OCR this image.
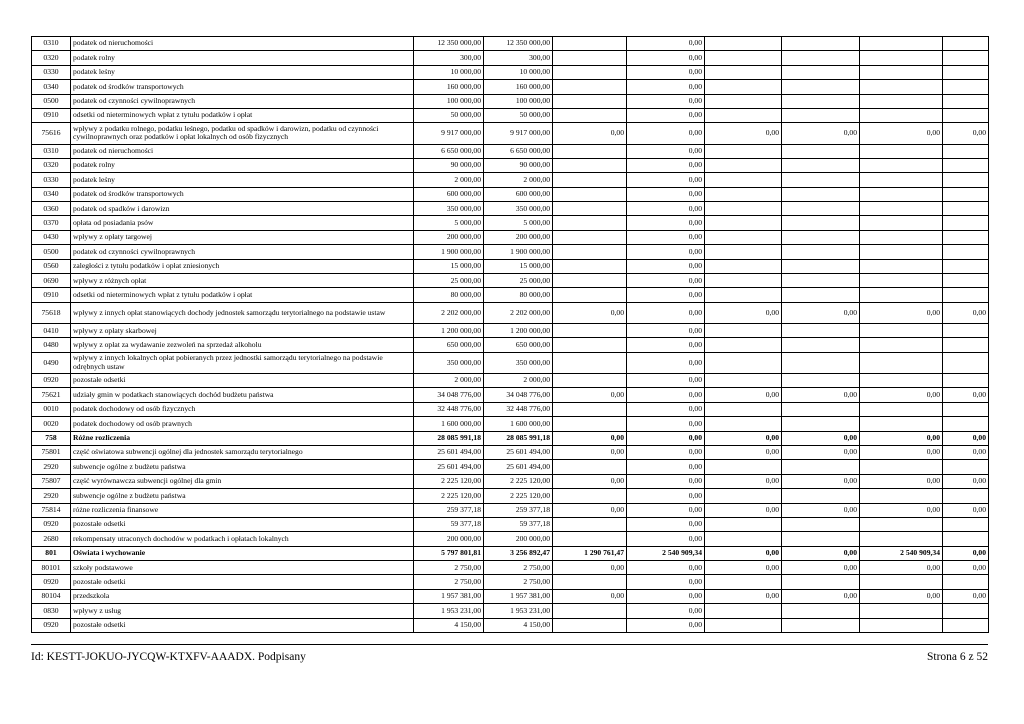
0310	podatek od nieruchomości	12 350 000,00	12 350 000,00		0,00				
0320	podatek rolny	300,00	300,00		0,00				
0330	podatek leśny	10 000,00	10 000,00		0,00				
0340	podatek od środków transportowych	160 000,00	160 000,00		0,00				
0500	podatek od czynności cywilnoprawnych	100 000,00	100 000,00		0,00				
0910	odsetki od nieterminowych wpłat z tytułu podatków i opłat	50 000,00	50 000,00		0,00				
75616	wpływy z podatku rolnego, podatku leśnego, podatku od spadków i darowizn, podatku od czynności cywilnoprawnych oraz podatków i opłat lokalnych od osób fizycznych	9 917 000,00	9 917 000,00	0,00	0,00	0,00	0,00	0,00	0,00
0310	podatek od nieruchomości	6 650 000,00	6 650 000,00		0,00				
0320	podatek rolny	90 000,00	90 000,00		0,00				
0330	podatek leśny	2 000,00	2 000,00		0,00				
0340	podatek od środków transportowych	600 000,00	600 000,00		0,00				
0360	podatek od spadków i darowizn	350 000,00	350 000,00		0,00				
0370	opłata od posiadania psów	5 000,00	5 000,00		0,00				
0430	wpływy z opłaty targowej	200 000,00	200 000,00		0,00				
0500	podatek od czynności cywilnoprawnych	1 900 000,00	1 900 000,00		0,00				
0560	zaległości z tytułu podatków i opłat zniesionych	15 000,00	15 000,00		0,00				
0690	wpływy z różnych opłat	25 000,00	25 000,00		0,00				
0910	odsetki od nieterminowych wpłat z tytułu podatków i opłat	80 000,00	80 000,00		0,00				
75618	wpływy z innych opłat stanowiących dochody jednostek samorządu terytorialnego na podstawie ustaw	2 202 000,00	2 202 000,00	0,00	0,00	0,00	0,00	0,00	0,00
0410	wpływy z opłaty skarbowej	1 200 000,00	1 200 000,00		0,00				
0480	wpływy z opłat za wydawanie zezwoleń na sprzedaż alkoholu	650 000,00	650 000,00		0,00				
0490	wpływy z innych lokalnych opłat pobieranych przez jednostki samorządu terytorialnego na podstawie odrębnych ustaw	350 000,00	350 000,00		0,00				
0920	pozostałe odsetki	2 000,00	2 000,00		0,00				
75621	udziały gmin w podatkach stanowiących dochód budżetu państwa	34 048 776,00	34 048 776,00	0,00	0,00	0,00	0,00	0,00	0,00
0010	podatek dochodowy od osób fizycznych	32 448 776,00	32 448 776,00		0,00				
0020	podatek dochodowy od osób prawnych	1 600 000,00	1 600 000,00		0,00				
758	Różne rozliczenia	28 085 991,18	28 085 991,18	0,00	0,00	0,00	0,00	0,00	0,00
75801	część oświatowa subwencji ogólnej dla jednostek samorządu terytorialnego	25 601 494,00	25 601 494,00	0,00	0,00	0,00	0,00	0,00	0,00
2920	subwencje ogólne z budżetu państwa	25 601 494,00	25 601 494,00		0,00				
75807	część wyrównawcza subwencji ogólnej dla gmin	2 225 120,00	2 225 120,00	0,00	0,00	0,00	0,00	0,00	0,00
2920	subwencje ogólne z budżetu państwa	2 225 120,00	2 225 120,00		0,00				
75814	różne rozliczenia finansowe	259 377,18	259 377,18	0,00	0,00	0,00	0,00	0,00	0,00
0920	pozostałe odsetki	59 377,18	59 377,18		0,00				
2680	rekompensaty utraconych dochodów w podatkach i opłatach lokalnych	200 000,00	200 000,00		0,00				
801	Oświata i wychowanie	5 797 801,81	3 256 892,47	1 290 761,47	2 540 909,34	0,00	0,00	2 540 909,34	0,00
80101	szkoły podstawowe	2 750,00	2 750,00	0,00	0,00	0,00	0,00	0,00	0,00
0920	pozostałe odsetki	2 750,00	2 750,00		0,00				
80104	przedszkola	1 957 381,00	1 957 381,00	0,00	0,00	0,00	0,00	0,00	0,00
0830	wpływy z usług	1 953 231,00	1 953 231,00		0,00				
0920	pozostałe odsetki	4 150,00	4 150,00		0,00				
Id: KESTT-JOKUO-JYCQW-KTXFV-AAADX. Podpisany	Strona 6 z 52
